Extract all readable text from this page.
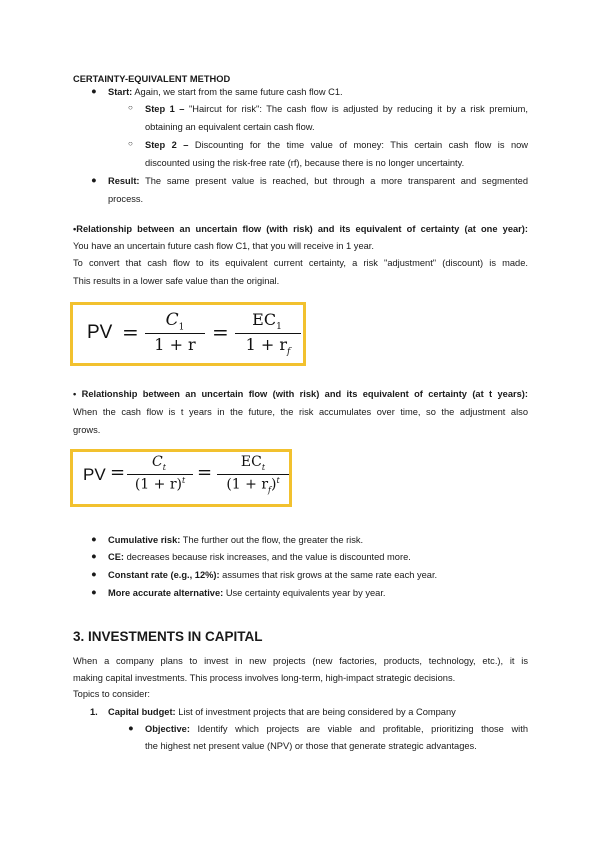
CERTAINTY-EQUIVALENT METHOD
● Start: Again, we start from the same future cash flow C1.
○ Step 1 – "Haircut for risk": The cash flow is adjusted by reducing it by a risk premium,
obtaining an equivalent certain cash flow.
○ Step 2 – Discounting for the time value of money: This certain cash flow is now
discounted using the risk-free rate (rf), because there is no longer uncertainty.
● Result: The same present value is reached, but through a more transparent and segmented
process.
•Relationship between an uncertain flow (with risk) and its equivalent of certainty (at one year):
You have an uncertain future cash flow C1, that you will receive in 1 year.
To convert that cash flow to its equivalent current certainty, a risk "adjustment" (discount) is made.
This results in a lower safe value than the original.
PV =	$C_1$
1 + r
=
$EC_1$
$1 + r_f$
• Relationship between an uncertain flow (with risk) and its equivalent of certainty (at t years):
When the cash flow is t years in the future, the risk accumulates over time, so the adjustment also
grows.
PV =	$C_t$
$(1 + r)^t$ =	$EC_t$
$(1 + r_f)^t$
● Cumulative risk: The further out the flow, the greater the risk.
● CE: decreases because risk increases, and the value is discounted more.
● Constant rate (e.g., 12%): assumes that risk grows at the same rate each year.
● More accurate alternative: Use certainty equivalents year by year.
3. INVESTMENTS IN CAPITAL
When a company plans to invest in new projects (new factories, products, technology, etc.), it is
making capital investments. This process involves long-term, high-impact strategic decisions.
Topics to consider:
1.	Capital budget: List of investment projects that are being considered by a Company
● Objective: Identify which projects are viable and profitable, prioritizing those with
the highest net present value (NPV) or those that generate strategic advantages.
